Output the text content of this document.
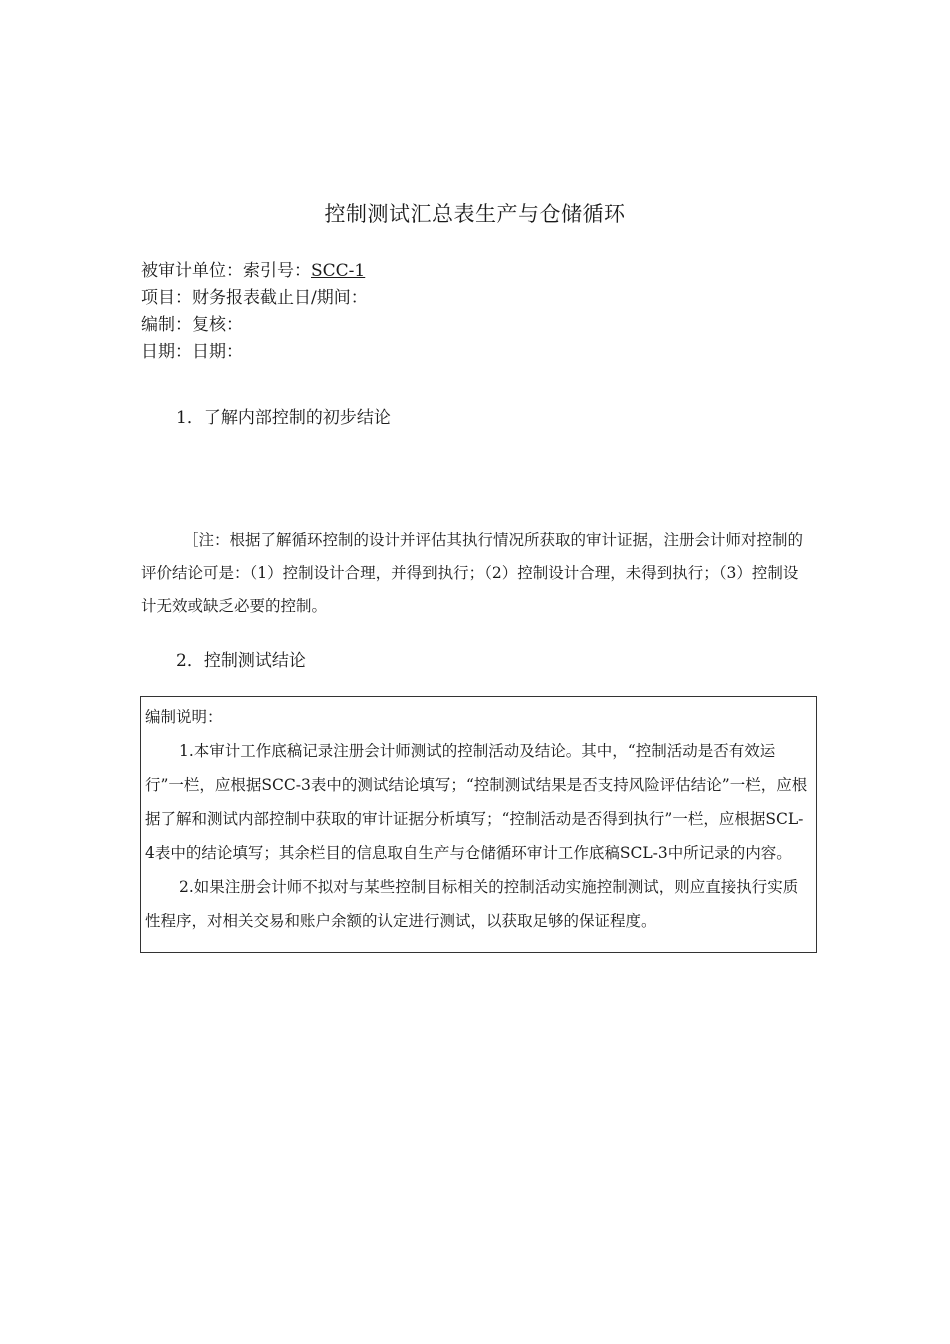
控制测试汇总表生产与仓储循环
被审计单位：索引号：SCC-1
项目：财务报表截止日/期间：
编制：复核：
日期：日期：
1．了解内部控制的初步结论
［注：根据了解循环控制的设计并评估其执行情况所获取的审计证据，注册会计师对控制的评价结论可是：（1）控制设计合理，并得到执行；（2）控制设计合理，未得到执行；（3）控制设计无效或缺乏必要的控制。
2．控制测试结论
编制说明：
1.本审计工作底稿记录注册会计师测试的控制活动及结论。其中，“控制活动是否有效运行”一栏，应根据SCC-3表中的测试结论填写；“控制测试结果是否支持风险评估结论”一栏，应根据了解和测试内部控制中获取的审计证据分析填写；“控制活动是否得到执行”一栏，应根据SCL-4表中的结论填写；其余栏目的信息取自生产与仓储循环审计工作底稿SCL-3中所记录的内容。
2.如果注册会计师不拟对与某些控制目标相关的控制活动实施控制测试，则应直接执行实质性程序，对相关交易和账户余额的认定进行测试，以获取足够的保证程度。
